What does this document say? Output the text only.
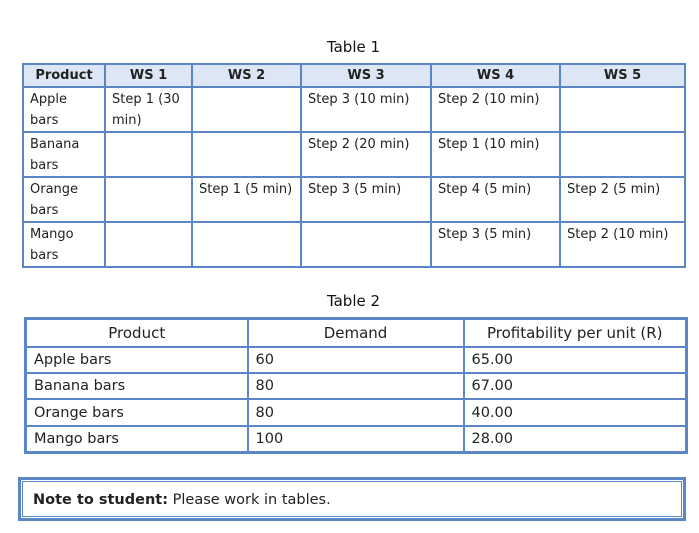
Table 1
Product	WS 1	WS 2	WS 3	WS 4	WS 5
Apple bars	Step 1 (30 min)		Step 3 (10 min)	Step 2 (10 min)	
Banana bars			Step 2 (20 min)	Step 1 (10 min)	
Orange bars		Step 1 (5 min)	Step 3 (5 min)	Step 4 (5 min)	Step 2 (5 min)
Mango bars				Step 3 (5 min)	Step 2 (10 min)
Table 2
Product	Demand	Profitability per unit (R)
Apple bars	60	65.00
Banana bars	80	67.00
Orange bars	80	40.00
Mango bars	100	28.00
Note to student: Please work in tables.
